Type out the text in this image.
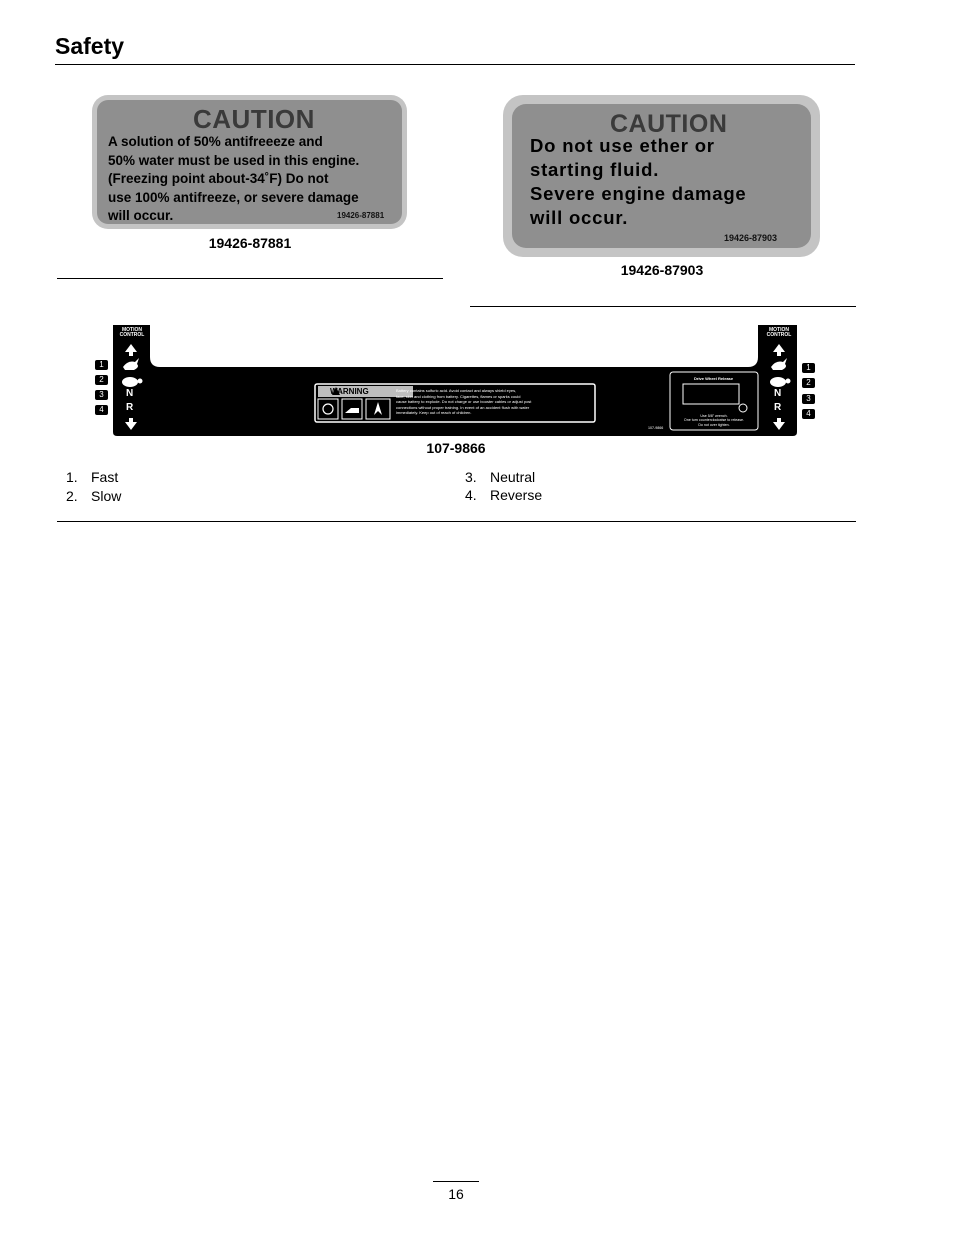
Safety
CAUTION
A solution of 50% antifreeeze and
50% water must be used in this engine.
(Freezing point about-34˚F) Do not
use 100% antifreeze, or severe damage
will occur.	19426-87881
19426-87881
CAUTION
Do not use ether or
starting fluid.
Severe engine damage
will occur.
19426-87903
19426-87903
MOTION
CONTROL
MOTION
CONTROL
N
R
N
R
WARNING	Battery contains sulfuric acid. Avoid contact and always shield eyes,
face, skin and clothing from battery. Cigarettes, flames or sparks could
cause battery to explode. Do not charge or use booster cables or adjust post
connections without proper training. In event of an accident flush with water
immediately. Keep out of reach of children.
Drive Wheel Release
Use 5/8" wrench.
One turn counterclockwise to release.
Do not over tighten.
107-9866
1
2
3
4
1
2
3
4
107-9866
1. Fast
2. Slow
3. Neutral
4. Reverse
16
